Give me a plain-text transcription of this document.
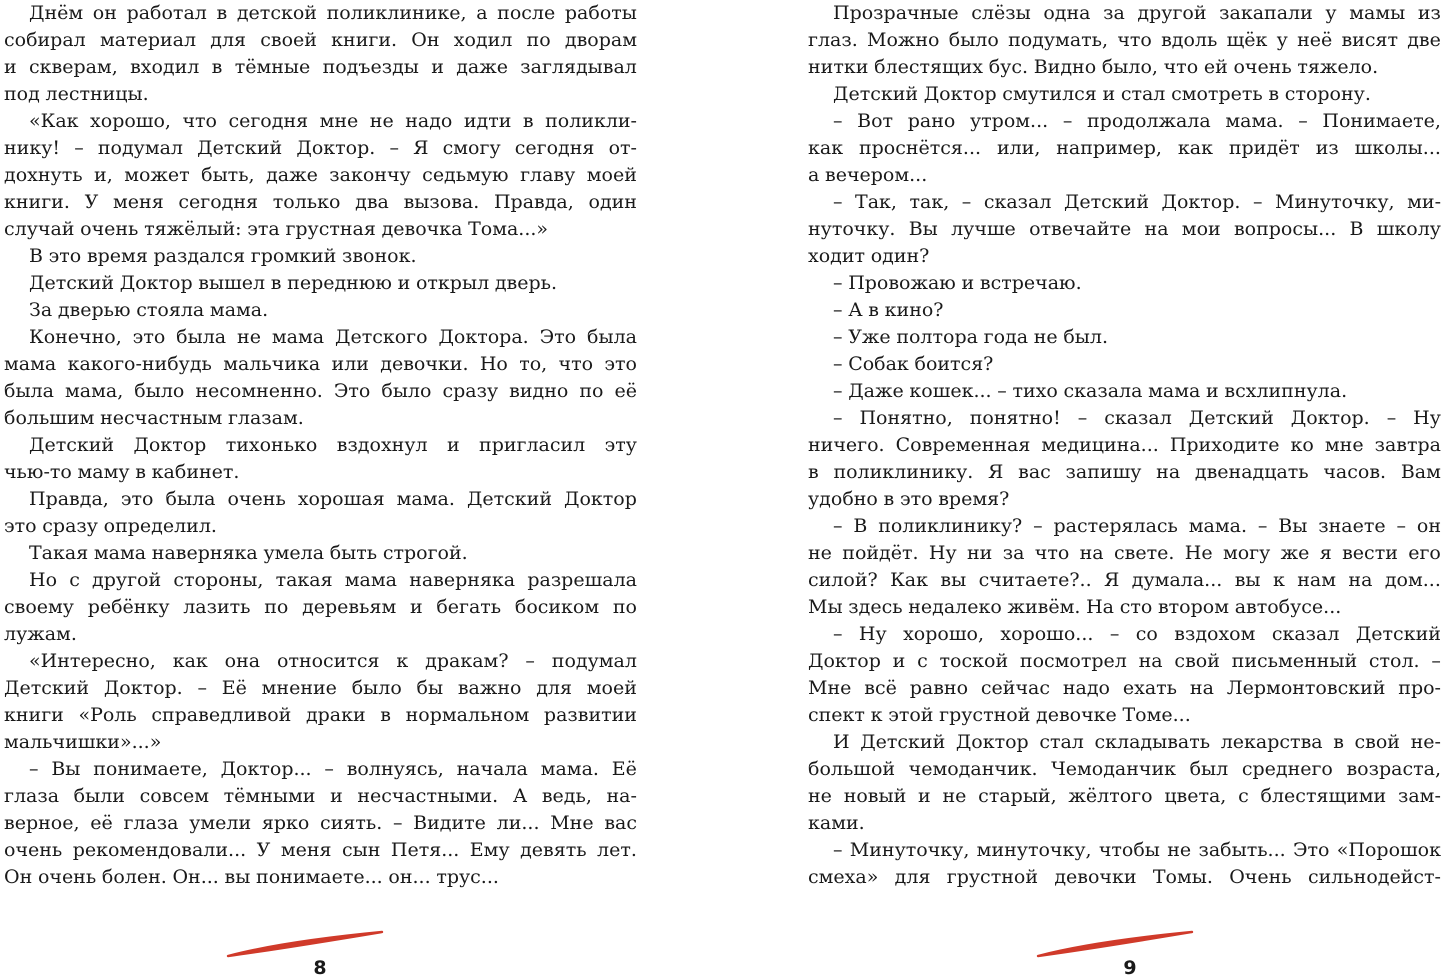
Днём он работал в детской поликлинике, а после работы
собирал материал для своей книги. Он ходил по дворам
и скверам, входил в тёмные подъезды и даже заглядывал
под лестницы.
«Как хорошо, что сегодня мне не надо идти в поликли-
нику! – подумал Детский Доктор. – Я смогу сегодня от-
дохнуть и, может быть, даже закончу седьмую главу моей
книги. У меня сегодня только два вызова. Правда, один
случай очень тяжёлый: эта грустная девочка Тома...»
В это время раздался громкий звонок.
Детский Доктор вышел в переднюю и открыл дверь.
За дверью стояла мама.
Конечно, это была не мама Детского Доктора. Это была
мама какого-нибудь мальчика или девочки. Но то, что это
была мама, было несомненно. Это было сразу видно по её
большим несчастным глазам.
Детский Доктор тихонько вздохнул и пригласил эту
чью-то маму в кабинет.
Правда, это была очень хорошая мама. Детский Доктор
это сразу определил.
Такая мама наверняка умела быть строгой.
Но с другой стороны, такая мама наверняка разрешала
своему ребёнку лазить по деревьям и бегать босиком по
лужам.
«Интересно, как она относится к дракам? – подумал
Детский Доктор. – Её мнение было бы важно для моей
книги «Роль справедливой драки в нормальном развитии
мальчишки»...»
– Вы понимаете, Доктор... – волнуясь, начала мама. Её
глаза были совсем тёмными и несчастными. А ведь, на-
верное, её глаза умели ярко сиять. – Видите ли... Мне вас
очень рекомендовали... У меня сын Петя... Ему девять лет.
Он очень болен. Он... вы понимаете... он... трус...
Прозрачные слёзы одна за другой закапали у мамы из
глаз. Можно было подумать, что вдоль щёк у неё висят две
нитки блестящих бус. Видно было, что ей очень тяжело.
Детский Доктор смутился и стал смотреть в сторону.
– Вот рано утром... – продолжала мама. – Понимаете,
как проснётся... или, например, как придёт из школы...
а вечером...
– Так, так, – сказал Детский Доктор. – Минуточку, ми-
нуточку. Вы лучше отвечайте на мои вопросы... В школу
ходит один?
– Провожаю и встречаю.
– А в кино?
– Уже полтора года не был.
– Собак боится?
– Даже кошек... – тихо сказала мама и всхлипнула.
– Понятно, понятно! – сказал Детский Доктор. – Ну
ничего. Современная медицина... Приходите ко мне завтра
в поликлинику. Я вас запишу на двенадцать часов. Вам
удобно в это время?
– В поликлинику? – растерялась мама. – Вы знаете – он
не пойдёт. Ну ни за что на свете. Не могу же я вести его
силой? Как вы считаете?.. Я думала... вы к нам на дом...
Мы здесь недалеко живём. На сто втором автобусе...
– Ну хорошо, хорошо... – со вздохом сказал Детский
Доктор и с тоской посмотрел на свой письменный стол. –
Мне всё равно сейчас надо ехать на Лермонтовский про-
спект к этой грустной девочке Томе...
И Детский Доктор стал складывать лекарства в свой не-
большой чемоданчик. Чемоданчик был среднего возраста,
не новый и не старый, жёлтого цвета, с блестящими зам-
ками.
– Минуточку, минуточку, чтобы не забыть... Это «Порошок
смеха» для грустной девочки Томы. Очень сильнодейст-
8	9
